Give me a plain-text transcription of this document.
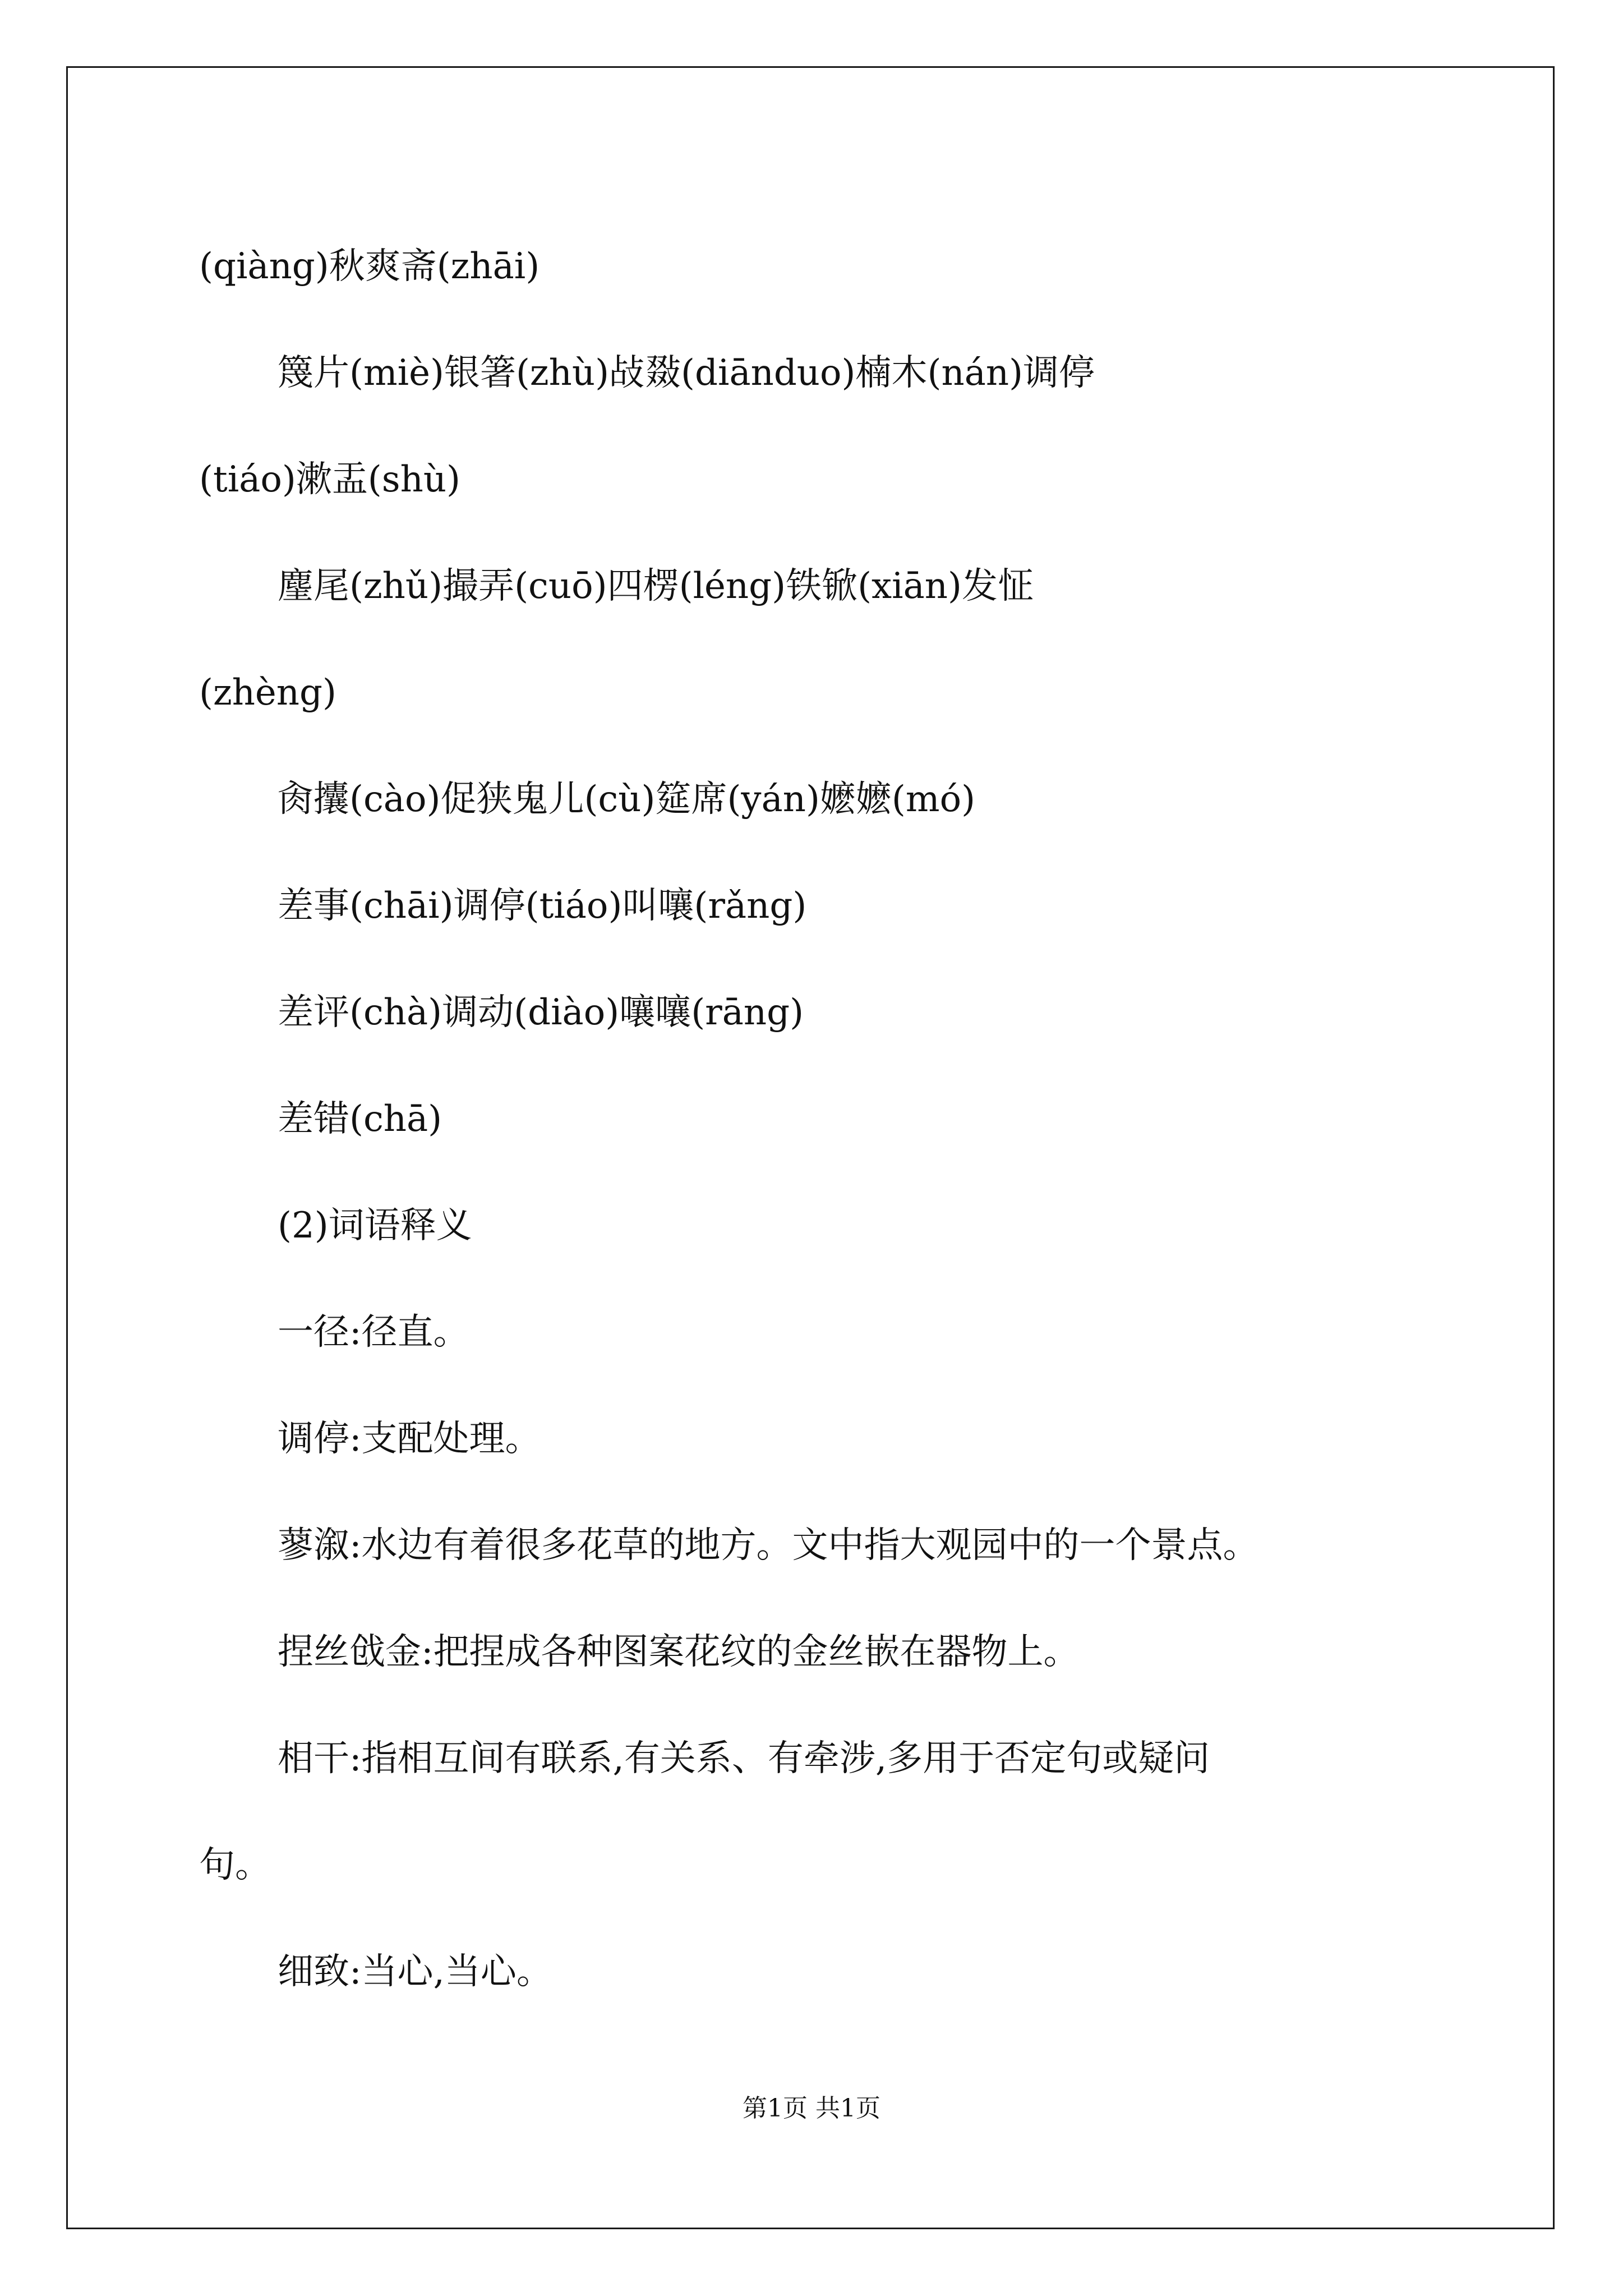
(qiàng)秋爽斋(zhāi)

篾片(miè)银箸(zhù)敁敠(diānduo)楠木(nán)调停

(tiáo)漱盂(shù)

麈尾(zhǔ)撮弄(cuō)四楞(léng)铁锨(xiān)发怔

(zhèng)

肏攮(cào)促狭鬼儿(cù)筵席(yán)嬷嬷(mó)

差事(chāi)调停(tiáo)叫嚷(rǎng)

差评(chà)调动(diào)嚷嚷(rāng)

差错(chā)

(2)词语释义

一径:径直。

调停:支配处理。

蓼溆:水边有着很多花草的地方。文中指大观园中的一个景点。

捏丝戗金:把捏成各种图案花纹的金丝嵌在器物上。

相干:指相互间有联系,有关系、有牵涉,多用于否定句或疑问

句。

细致:当心,当心。

第1页 共1页
